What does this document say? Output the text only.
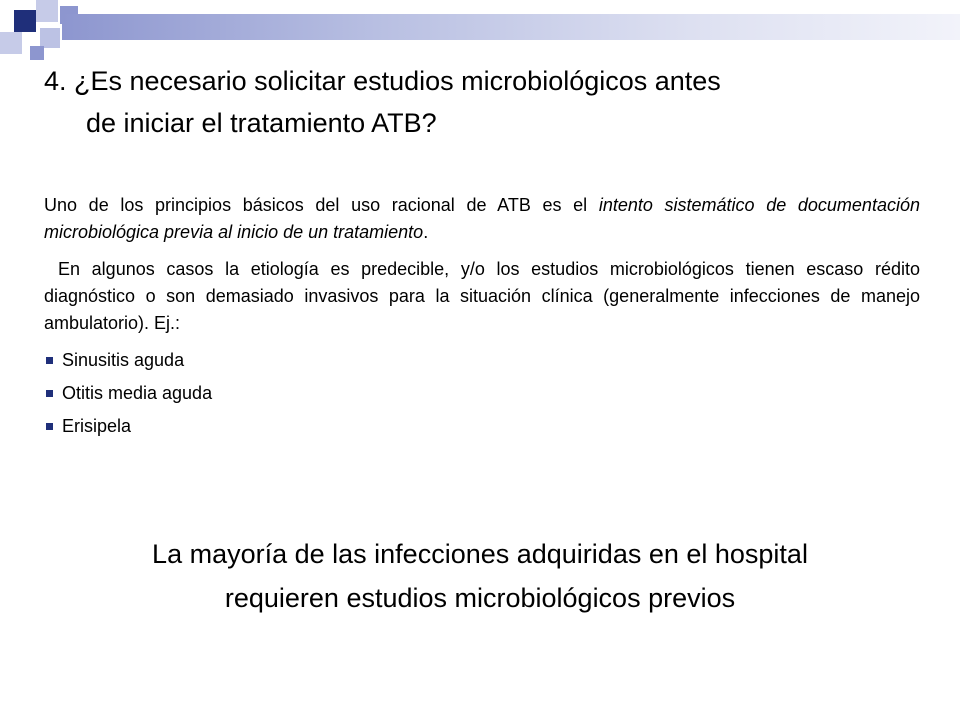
4. ¿Es necesario solicitar estudios microbiológicos antes
de iniciar el tratamiento ATB?

Uno de los principios básicos del uso racional de ATB es el intento sistemático de documentación microbiológica previa al inicio de un tratamiento.

En algunos casos la etiología es predecible, y/o los estudios microbiológicos tienen escaso rédito diagnóstico o son demasiado invasivos para la situación clínica (generalmente infecciones de manejo ambulatorio). Ej.:

Sinusitis aguda
Otitis media aguda
Erisipela
La mayoría de las infecciones adquiridas en el hospital
requieren estudios microbiológicos previos
